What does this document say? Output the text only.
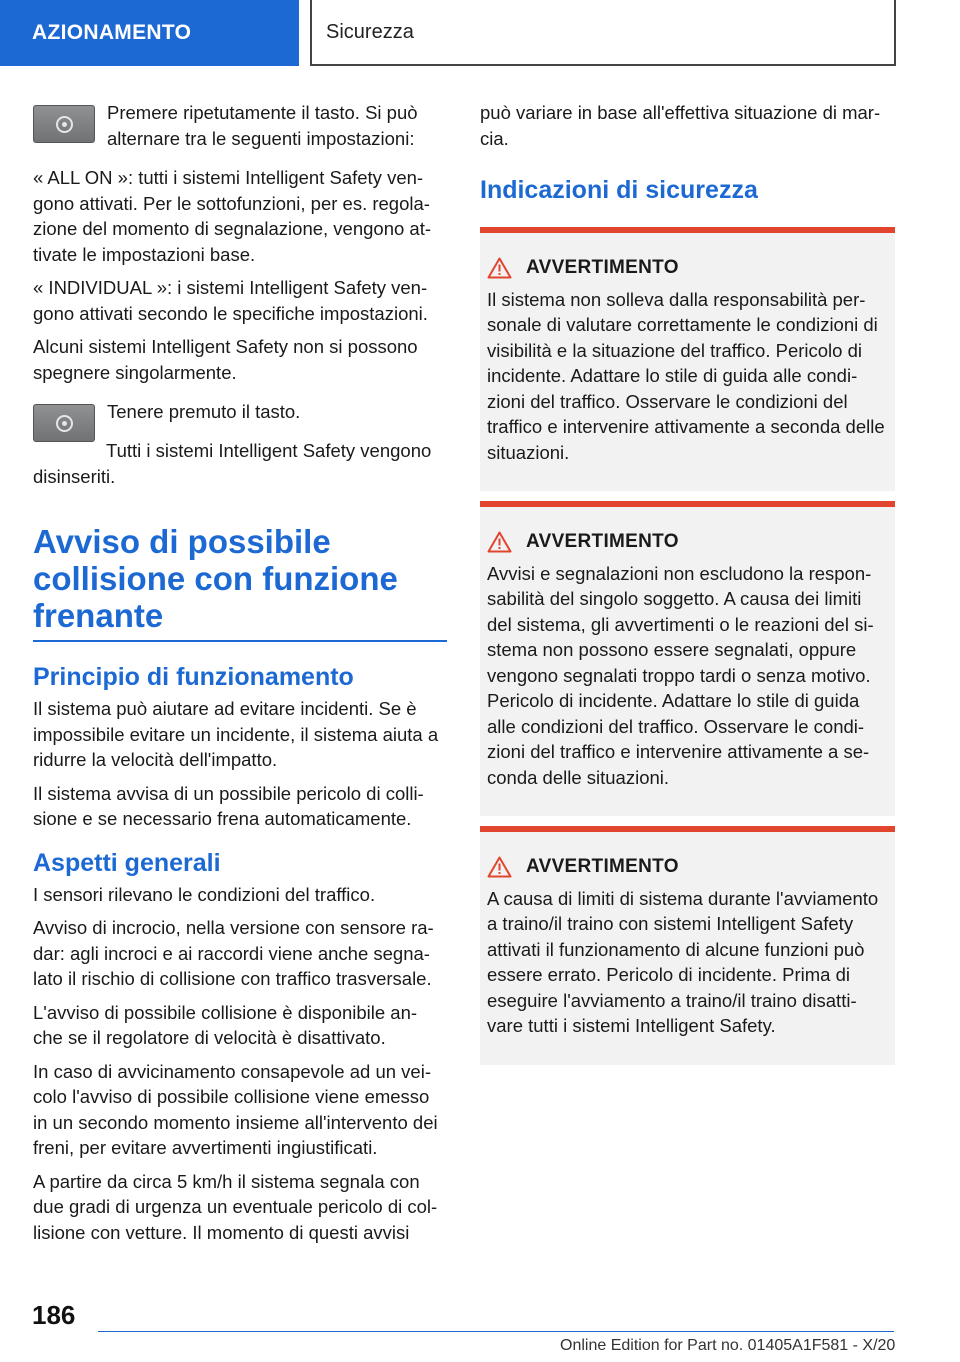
AZIONAMENTO	Sicurezza

Premere ripetutamente il tasto. Si può alternare tra le seguenti impostazioni:

« ALL ON »: tutti i sistemi Intelligent Safety ven- gono attivati. Per le sottofunzioni, per es. regola- zione del momento di segnalazione, vengono at- tivate le impostazioni base.

« INDIVIDUAL »: i sistemi Intelligent Safety ven- gono attivati secondo le specifiche impostazioni.

Alcuni sistemi Intelligent Safety non si possono spegnere singolarmente.

Tenere premuto il tasto.

Tutti i sistemi Intelligent Safety vengono disinseriti.

Avviso di possibile collisione con funzione frenante
Principio di funzionamento

Il sistema può aiutare ad evitare incidenti. Se è impossibile evitare un incidente, il sistema aiuta a ridurre la velocità dell'impatto.

Il sistema avvisa di un possibile pericolo di colli- sione e se necessario frena automaticamente.

Aspetti generali

I sensori rilevano le condizioni del traffico.

Avviso di incrocio, nella versione con sensore ra- dar: agli incroci e ai raccordi viene anche segna- lato il rischio di collisione con traffico trasversale.

L'avviso di possibile collisione è disponibile an- che se il regolatore di velocità è disattivato.

In caso di avvicinamento consapevole ad un vei- colo l'avviso di possibile collisione viene emesso in un secondo momento insieme all'intervento dei freni, per evitare avvertimenti ingiustificati.

A partire da circa 5 km/h il sistema segnala con due gradi di urgenza un eventuale pericolo di col- lisione con vetture. Il momento di questi avvisi

può variare in base all'effettiva situazione di mar- cia.

Indicazioni di sicurezza
AVVERTIMENTO

Il sistema non solleva dalla responsabilità per- sonale di valutare correttamente le condizioni di visibilità e la situazione del traffico. Pericolo di incidente. Adattare lo stile di guida alle condi- zioni del traffico. Osservare le condizioni del traffico e intervenire attivamente a seconda delle situazioni.

AVVERTIMENTO

Avvisi e segnalazioni non escludono la respon- sabilità del singolo soggetto. A causa dei limiti del sistema, gli avvertimenti o le reazioni del si- stema non possono essere segnalati, oppure vengono segnalati troppo tardi o senza motivo. Pericolo di incidente. Adattare lo stile di guida alle condizioni del traffico. Osservare le condi- zioni del traffico e intervenire attivamente a se- conda delle situazioni.

AVVERTIMENTO

A causa di limiti di sistema durante l'avviamento a traino/il traino con sistemi Intelligent Safety attivati il funzionamento di alcune funzioni può essere errato. Pericolo di incidente. Prima di eseguire l'avviamento a traino/il traino disatti- vare tutti i sistemi Intelligent Safety.

186
Online Edition for Part no. 01405A1F581 - X/20
